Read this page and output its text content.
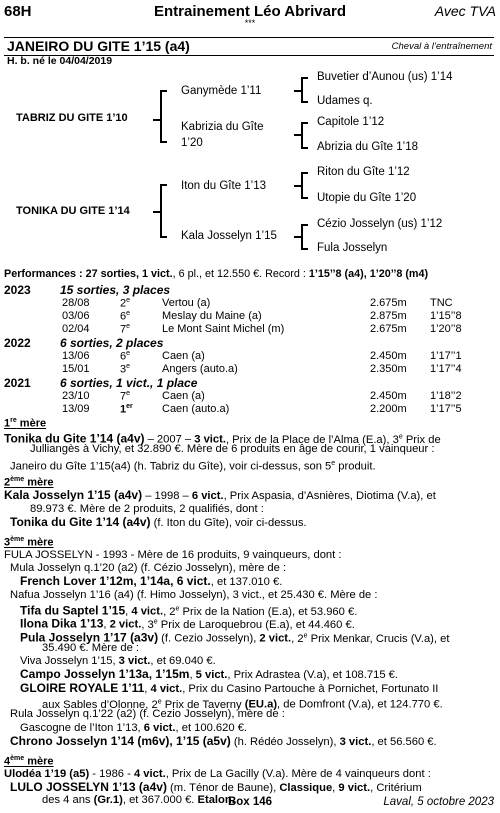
68H	Entrainement Léo Abrivard	Avec TVA
***
JANEIRO DU GITE 1’15 (a4)	Cheval à l’entraînement
H. b. né le 04/04/2019
TABRIZ DU GITE 1’10
TONIKA DU GITE 1’14
Ganymède 1’11
Kabrizia du Gîte
1’20
Iton du Gîte 1’13
Kala Josselyn 1’15
Buvetier d’Aunou (us) 1’14
Udames q.
Capitole 1’12
Abrizia du Gîte 1’18
Riton du Gîte 1’12
Utopie du Gîte 1’20
Cézio Josselyn (us) 1’12
Fula Josselyn
Performances : 27 sorties, 1 vict., 6 pl., et 12.550 €. Record : 1’15’’8 (a4), 1’20’’8 (m4)
2023 15 sorties, 3 places
28/08	2e	Vertou (a)	2.675m TNC
03/06	6e	Meslay du Maine (a)	2.875m 1’15’’8
02/04	7e	Le Mont Saint Michel (m)	2.675m 1’20’’8
2022 6 sorties, 2 places
13/06	6e	Caen (a)	2.450m 1’17’’1
15/01	3e	Angers (auto.a)	2.350m 1’17’’4
2021 6 sorties, 1 vict., 1 place
23/10	7e	Caen (a)	2.450m 1’18’’2
13/09	1er	Caen (auto.a)	2.200m 1’17’’5
1re mère
Tonika du Gite 1’14 (a4v) – 2007 – 3 vict., Prix de la Place de l’Alma (E.a), 3e Prix de
Julliangès à Vichy, et 32.890 €. Mère de 6 produits en âge de courir, 1 vainqueur :
Janeiro du Gîte 1’15(a4) (h. Tabriz du Gîte), voir ci-dessus, son 5e produit.
2ème mère
Kala Josselyn 1’15 (a4v) – 1998 – 6 vict., Prix Aspasia, d’Asnières, Diotima (V.a), et
89.973 €. Mère de 2 produits, 2 qualifiés, dont :
Tonika du Gite 1’14 (a4v) (f. Iton du Gîte), voir ci-dessus.
3ème mère
FULA JOSSELYN - 1993 - Mère de 16 produits, 9 vainqueurs, dont :
Mula Josselyn q.1’20 (a2) (f. Cézio Josselyn), mère de :
French Lover 1’12m, 1’14a, 6 vict., et 137.010 €.
Nafua Josselyn 1’16 (a4) (f. Himo Josselyn), 3 vict., et 25.430 €. Mère de :
Tifa du Saptel 1’15, 4 vict., 2e Prix de la Nation (E.a), et 53.960 €.
Ilona Dika 1’13, 2 vict., 3e Prix de Laroquebrou (E.a), et 44.460 €.
Pula Josselyn 1’17 (a3v) (f. Cezio Josselyn), 2 vict., 2e Prix Menkar, Crucis (V.a), et
35.490 €. Mère de :
Viva Josselyn 1’15, 3 vict., et 69.040 €.
Campo Josselyn 1’13a, 1’15m, 5 vict., Prix Adrastea (V.a), et 108.715 €.
GLOIRE ROYALE 1’11, 4 vict., Prix du Casino Partouche à Pornichet, Fortunato II
aux Sables d’Olonne, 2e Prix de Taverny (EU.a), de Domfront (V.a), et 124.770 €.
Rula Josselyn q.1’22 (a2) (f. Cezio Josselyn), mère de :
Gascogne de l’Iton 1’13, 6 vict., et 100.620 €.
Chrono Josselyn 1’14 (m6v), 1’15 (a5v) (h. Rédéo Josselyn), 3 vict., et 56.560 €.
4ème mère
Ulodéa 1’19 (a5) - 1986 - 4 vict., Prix de La Gacilly (V.a). Mère de 4 vainqueurs dont :
LULO JOSSELYN 1’13 (a4v) (m. Ténor de Baune), Classique, 9 vict., Critérium
des 4 ans (Gr.1), et 367.000 €. Etalon.
Box 146	Laval, 5 octobre 2023
